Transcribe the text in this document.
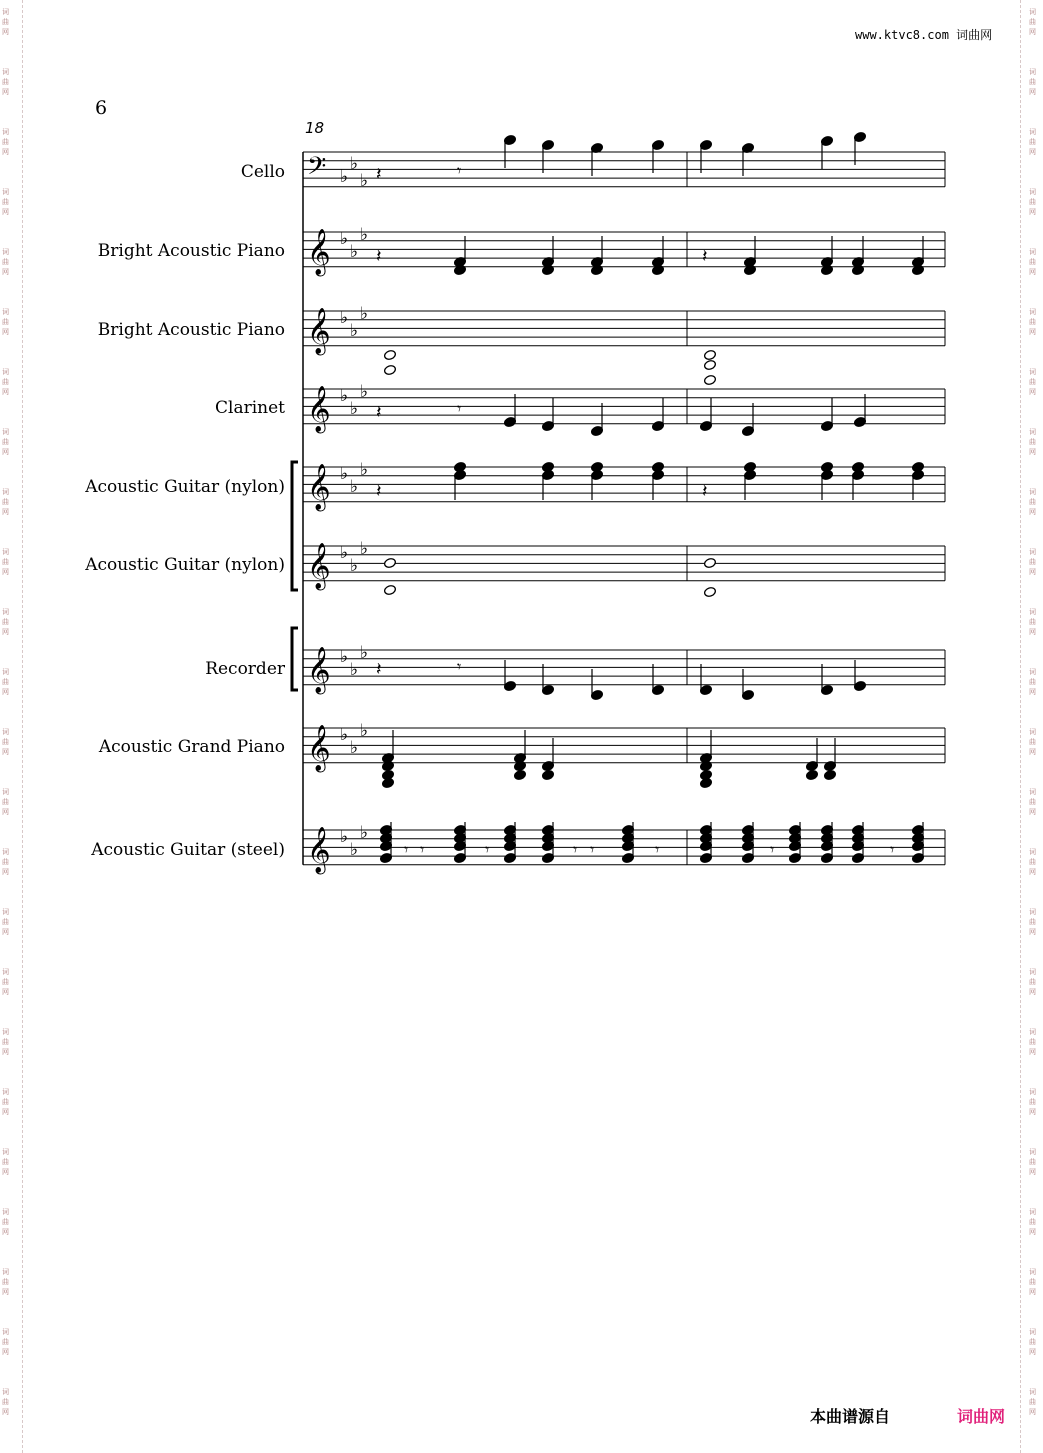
词
曲
网
词
曲
网
词
曲
网
词
曲
网
词
曲
网
词
曲
网
词
曲
网
词
曲
网
词
曲
网
词
曲
网
词
曲
网
词
曲
网
词
曲
网
词
曲
网
词
曲
网
词
曲
网
词
曲
网
词
曲
网
词
曲
网
词
曲
网
词
曲
网
词
曲
网
词
曲
网
词
曲
网
词
曲
网
词
曲
网
词
曲
网
词
曲
网
词
曲
网
词
曲
网
词
曲
网
词
曲
网
词
曲
网
词
曲
网
词
曲
网
词
曲
网
词
曲
网
词
曲
网
词
曲
网
词
曲
网
词
曲
网
词
曲
网
词
曲
网
词
曲
网
词
曲
网
词
曲
网
词
曲
网
词
曲
网
www.ktvc8.com 词曲网
6
18
Cello
Bright Acoustic Piano
Bright Acoustic Piano
Clarinet
Acoustic Guitar (nylon)
Acoustic Guitar (nylon)
Recorder
Acoustic Grand Piano
Acoustic Guitar (steel)
𝄢 ♭
♭
♭
𝄞 ♭
♭
♭
𝄞 ♭
♭
♭
𝄞 ♭
♭
♭
𝄞 ♭
♭
♭
𝄞 ♭
♭
♭
𝄞 ♭
♭
♭
𝄞 ♭
♭
♭
𝄞 ♭
♭
♭
𝄽	𝄾
𝄽	𝄽
𝄽	𝄾
𝄽	𝄽
𝄽	𝄾
𝄾 𝄾	𝄾	𝄾 𝄾	𝄾	𝄾	𝄾
本曲谱源自	词曲网
